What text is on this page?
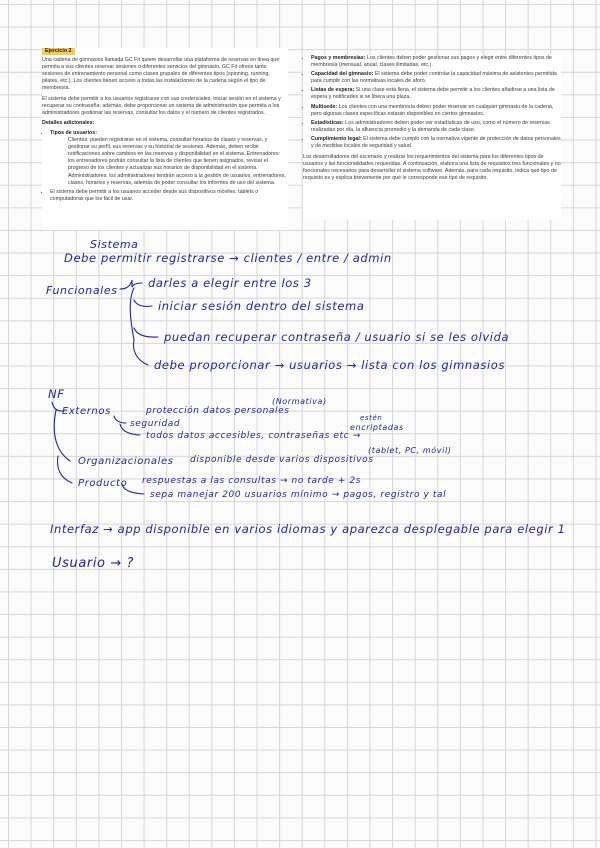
Ejercicio 2

Una cadena de gimnasios llamada GC Fit quiere desarrollar una plataforma de reservas en línea que permita a sus clientes reservar sesiones o diferentes servicios del gimnasio. GC Fit ofrece tanto sesiones de entrenamiento personal como clases grupales de diferentes tipos (spinning, running, pilates, etc.). Los clientes tienen acceso a todas las instalaciones de la cadena según el tipo de membresía.

El sistema debe permitir a los usuarios registrarse con sus credenciales, iniciar sesión en el sistema y recuperar su contraseña; además, debe proporcionar un sistema de administración que permita a los administradores gestionar las reservas, consultar los datos y el número de clientes registrados.

Detalles adicionales:

• Tipos de usuarios:
Clientes: pueden registrarse en el sistema, consultar horarios de clases y reservas, y gestionar su perfil, sus reservas y su historial de sesiones. Además, deben recibir notificaciones sobre cambios en las reservas y disponibilidad en el sistema. Entrenadores: los entrenadores podrán consultar la lista de clientes que tienen asignados, revisar el progreso de los clientes y actualizar sus horarios de disponibilidad en el sistema. Administradores: los administradores tendrán acceso a la gestión de usuarios, entrenadores, clases, horarios y reservas, además de poder consultar los informes de uso del sistema.
• El sistema debe permitir a los usuarios acceder desde sus dispositivos móviles, tablets o computadoras que los fácil de usar.
• Pagos y membresías: Los clientes deben poder gestionar sus pagos y elegir entre diferentes tipos de membresía (mensual, anual, clases ilimitadas, etc.).
• Capacidad del gimnasio: El sistema debe poder controlar la capacidad máxima de asistentes permitida para cumplir con las normativas locales de aforo.
• Listas de espera: Si una clase está llena, el sistema debe permitir a los clientes añadirse a una lista de espera y notificarles si se libera una plaza.
• Multisede: Los clientes con una membresía deben poder reservar en cualquier gimnasio de la cadena, pero algunas clases específicas estarán disponibles en ciertos gimnasios.
• Estadísticas: Los administradores deben poder ver estadísticas de uso, como el número de reservas realizadas por día, la afluencia promedio y la demanda de cada clase.
• Cumplimiento legal: El sistema debe cumplir con la normativa vigente de protección de datos personales y de medidas locales de seguridad y salud.

Los desarrolladores del escenario y realizar los requerimientos del sistema para los diferentes tipos de usuarios y las funcionalidades requeridas. A continuación, elabora una lista de requisitos tres funcionales y no funcionales necesarios para desarrollar el sistema software. Además, para cada requisito, indica qué tipo de requisito es y explica brevemente por qué le corresponde ese tipo de requisito.

Sistema
Debe permitir registrarse → clientes / entre / admin
Funcionales
darles a elegir entre los 3
iniciar sesión dentro del sistema
puedan recuperar contraseña / usuario si se les olvida
debe proporcionar → usuarios → lista con los gimnasios
NF
Externos	protección datos personales
(Normativa)
seguridad
todos datos accesibles, contraseñas etc →
estén
encriptadas
Organizacionales disponible desde varios dispositivos
(tablet, PC, móvil)
Producto respuestas a las consultas → no tarde + 2s
sepa manejar 200 usuarios mínimo → pagos, registro y tal
Interfaz → app disponible en varios idiomas y aparezca desplegable para elegir 1
Usuario → ?
